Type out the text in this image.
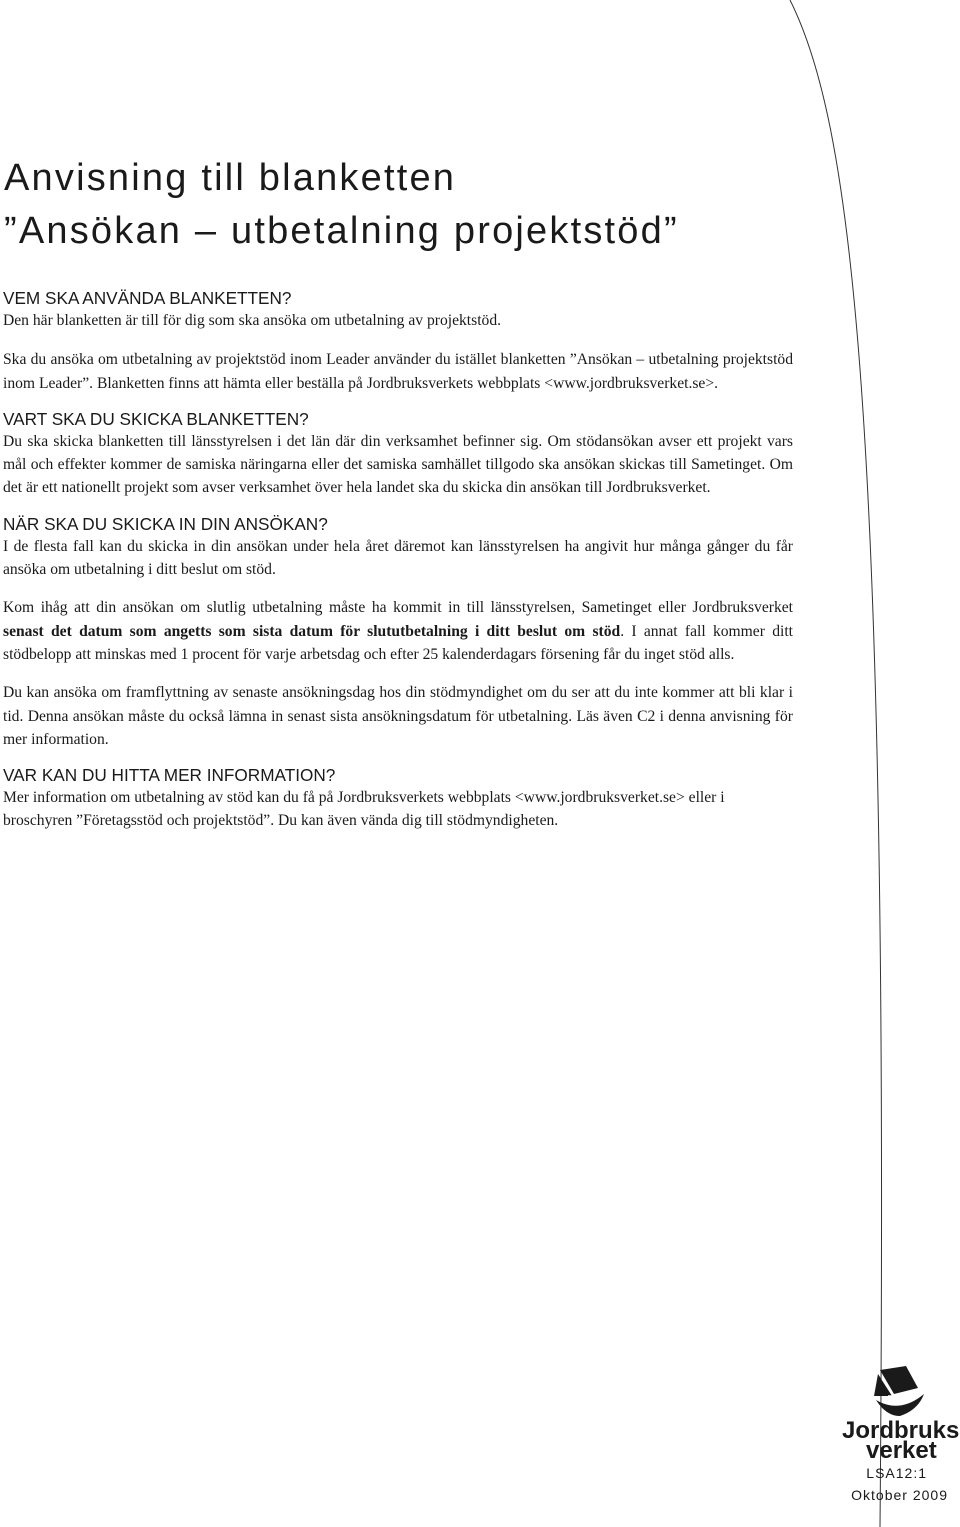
Anvisning till blanketten
”Ansökan – utbetalning projektstöd”
VEM SKA ANVÄNDA BLANKETTEN?

Den här blanketten är till för dig som ska ansöka om utbetalning av projektstöd.

Ska du ansöka om utbetalning av projektstöd inom Leader använder du istället blanketten ”Ansökan – utbetalning projektstöd inom Leader”. Blanketten finns att hämta eller beställa på Jordbruksverkets webbplats <www.jordbruksverket.se>.

VART SKA DU SKICKA BLANKETTEN?

Du ska skicka blanketten till länsstyrelsen i det län där din verksamhet befinner sig. Om stödansökan avser ett projekt vars mål och effekter kommer de samiska näringarna eller det samiska samhället tillgodo ska ansökan skickas till Sametinget. Om det är ett nationellt projekt som avser verksamhet över hela landet ska du skicka din ansökan till Jordbruksverket.

NÄR SKA DU SKICKA IN DIN ANSÖKAN?

I de flesta fall kan du skicka in din ansökan under hela året däremot kan länsstyrelsen ha angivit hur många gånger du får ansöka om utbetalning i ditt beslut om stöd.

Kom ihåg att din ansökan om slutlig utbetalning måste ha kommit in till länsstyrelsen, Sametinget eller Jordbruksverket senast det datum som angetts som sista datum för slututbetalning i ditt beslut om stöd. I annat fall kommer ditt stödbelopp att minskas med 1 procent för varje arbetsdag och efter 25 kalenderdagars försening får du inget stöd alls.

Du kan ansöka om framflyttning av senaste ansökningsdag hos din stödmyndighet om du ser att du inte kommer att bli klar i tid. Denna ansökan måste du också lämna in senast sista ansökningsdatum för utbetalning. Läs även C2 i denna anvisning för mer information.

VAR KAN DU HITTA MER INFORMATION?

Mer information om utbetalning av stöd kan du få på Jordbruksverkets webbplats <www.jordbruksverket.se> eller i broschyren ”Företagsstöd och projektstöd”. Du kan även vända dig till stödmyndigheten.

Jordbruks
verket
LSA12:1
Oktober 2009
